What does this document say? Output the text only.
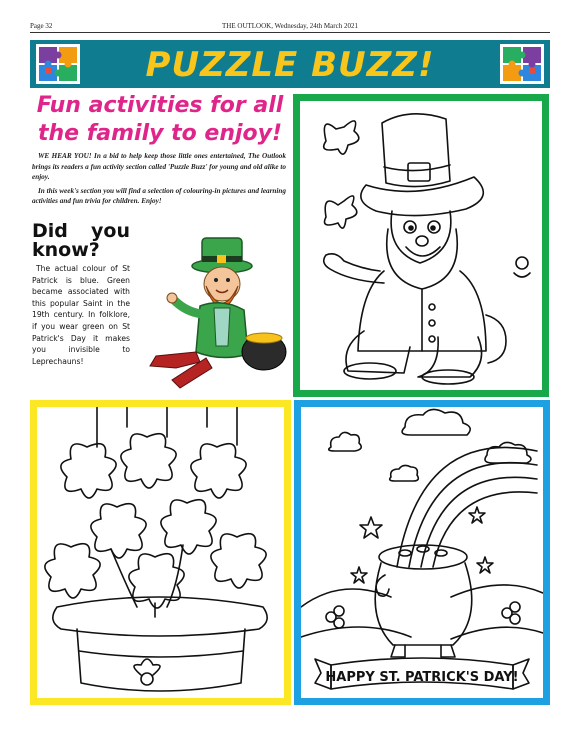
Page 32	THE OUTLOOK, Wednesday, 24th March 2021
PUZZLE BUZZ!
Fun activities for all
the family to enjoy!

WE HEAR YOU! In a bid to help keep those little ones entertained, The Outlook brings its readers a fun activity section called 'Puzzle Buzz' for young and old alike to enjoy.

In this week's section you will find a selection of colouring-in pictures and learning activities and fun trivia for children. Enjoy!

Did you
know?
The actual colour of St Patrick is blue. Green became associated with this popular Saint in the 19th century. In folklore, if you wear green on St Patrick's Day it makes you invisible to Leprechauns!
HAPPY ST. PATRICK'S DAY!
